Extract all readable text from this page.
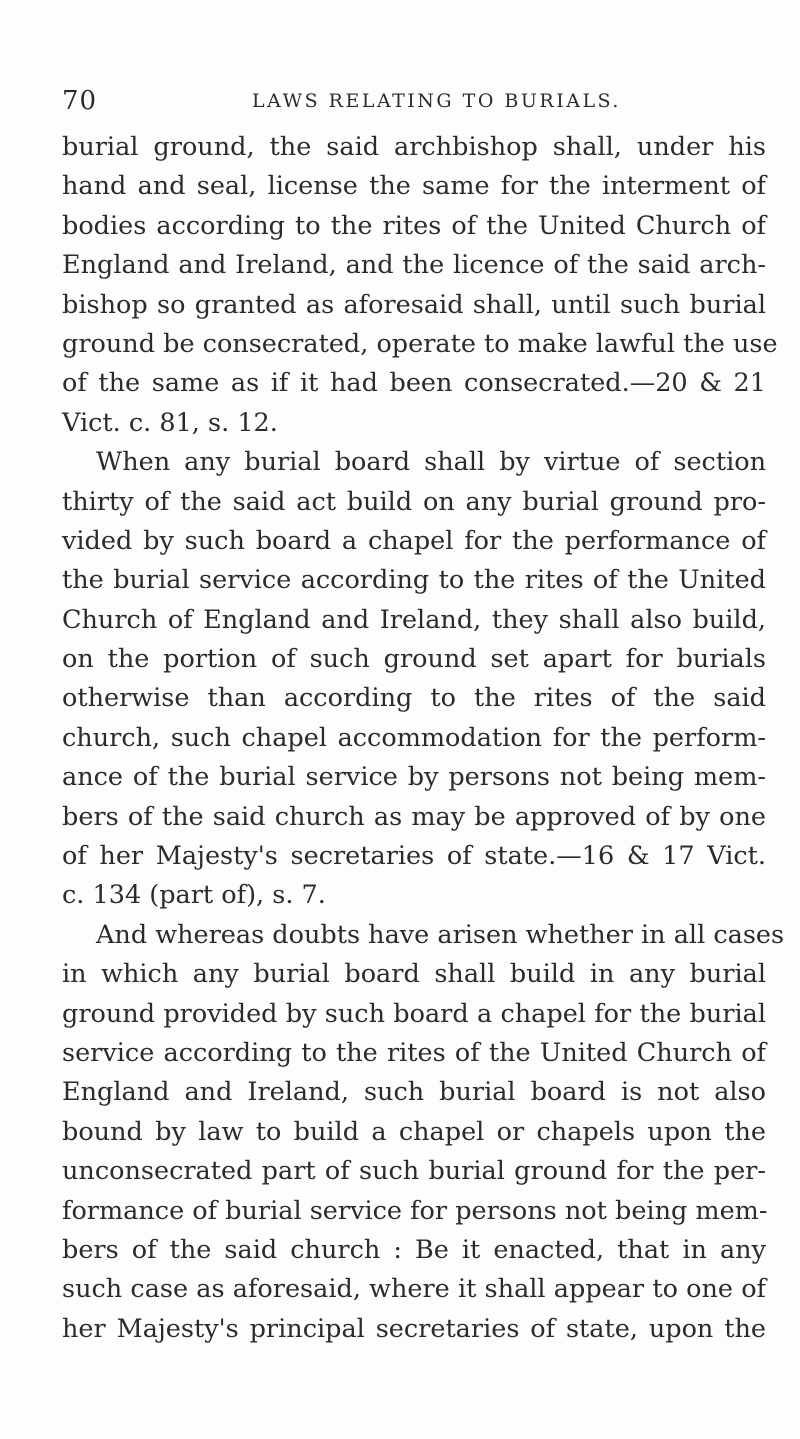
70	LAWS RELATING TO BURIALS.
burial ground, the said archbishop shall, under his
hand and seal, license the same for the interment of
bodies according to the rites of the United Church of
England and Ireland, and the licence of the said arch-
bishop so granted as aforesaid shall, until such burial
ground be consecrated, operate to make lawful the use
of the same as if it had been consecrated.—20 & 21
Vict. c. 81, s. 12.
When any burial board shall by virtue of section
thirty of the said act build on any burial ground pro-
vided by such board a chapel for the performance of
the burial service according to the rites of the United
Church of England and Ireland, they shall also build,
on the portion of such ground set apart for burials
otherwise than according to the rites of the said
church, such chapel accommodation for the perform-
ance of the burial service by persons not being mem-
bers of the said church as may be approved of by one
of her Majesty's secretaries of state.—16 & 17 Vict.
c. 134 (part of), s. 7.
And whereas doubts have arisen whether in all cases
in which any burial board shall build in any burial
ground provided by such board a chapel for the burial
service according to the rites of the United Church of
England and Ireland, such burial board is not also
bound by law to build a chapel or chapels upon the
unconsecrated part of such burial ground for the per-
formance of burial service for persons not being mem-
bers of the said church : Be it enacted, that in any
such case as aforesaid, where it shall appear to one of
her Majesty's principal secretaries of state, upon the
